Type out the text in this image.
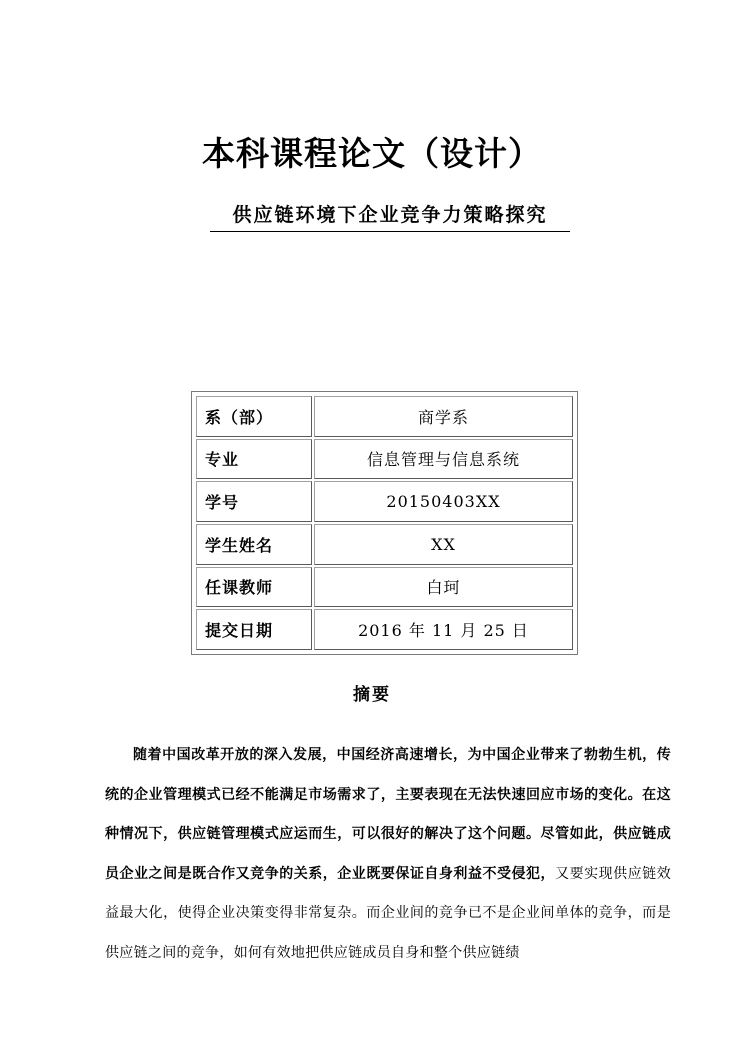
本科课程论文（设计）
供应链环境下企业竞争力策略探究
系（部）	商学系
专业	信息管理与信息系统
学号	20150403XX
学生姓名	XX
任课教师	白珂
提交日期	2016 年 11 月 25 日
摘要

随着中国改革开放的深入发展，中国经济高速增长，为中国企业带来了勃勃生机，传统的企业管理模式已经不能满足市场需求了，主要表现在无法快速回应市场的变化。在这种情况下，供应链管理模式应运而生，可以很好的解决了这个问题。尽管如此，供应链成员企业之间是既合作又竞争的关系，企业既要保证自身利益不受侵犯，又要实现供应链效益最大化，使得企业决策变得非常复杂。而企业间的竞争已不是企业间单体的竞争，而是供应链之间的竞争，如何有效地把供应链成员自身和整个供应链绩
